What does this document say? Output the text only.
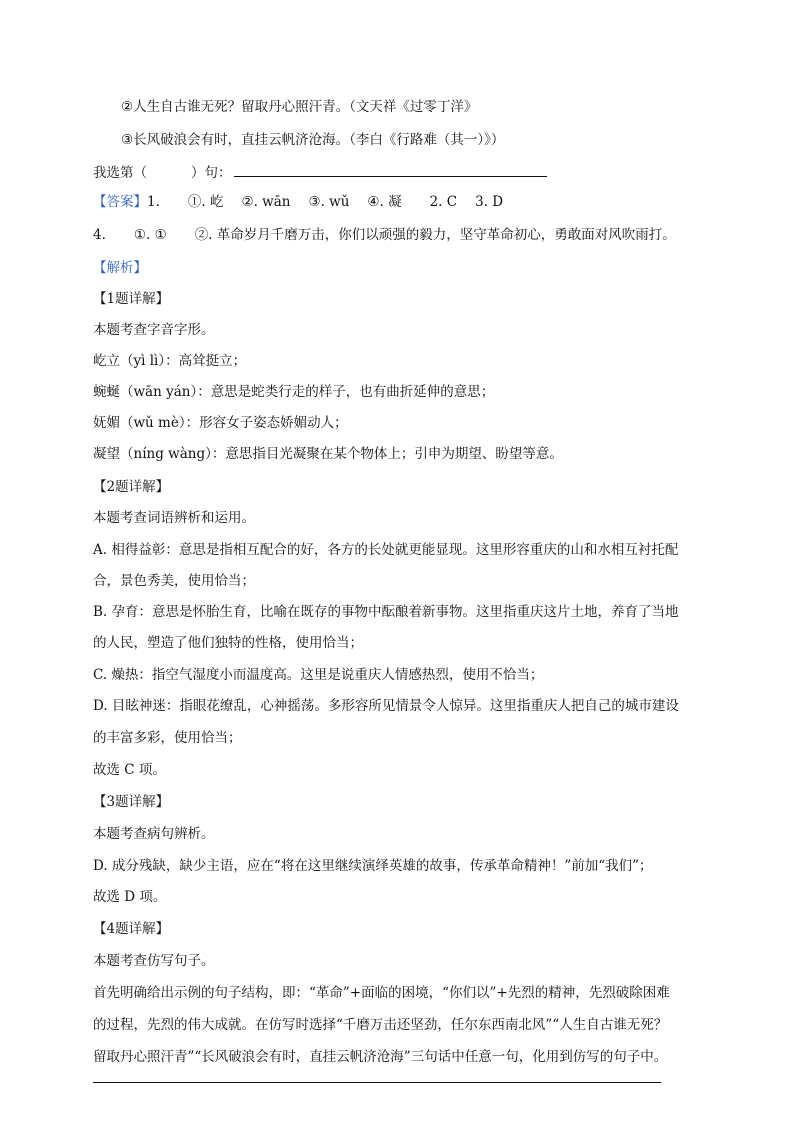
②人生自古谁无死？留取丹心照汗青。（文天祥《过零丁洋》
③长风破浪会有时，直挂云帆济沧海。（李白《行路难（其一）》）
我选第（	）句：
【答案】1. ①. 屹 ②. wān ③. wǔ ④. 凝 2. C 3. D
4. ①. ① ②. 革命岁月千磨万击，你们以顽强的毅力，坚守革命初心，勇敢面对风吹雨打。
【解析】
【1题详解】
本题考查字音字形。
屹立（yì lì）：高耸挺立；
蜿蜒（wān yán）：意思是蛇类行走的样子，也有曲折延伸的意思；
妩媚（wǔ mè）：形容女子姿态娇媚动人；
凝望（níng wàng）：意思指目光凝聚在某个物体上；引申为期望、盼望等意。
【2题详解】
本题考查词语辨析和运用。
A. 相得益彰：意思是指相互配合的好，各方的长处就更能显现。这里形容重庆的山和水相互衬托配
合，景色秀美，使用恰当；
B. 孕育：意思是怀胎生育，比喻在既存的事物中酝酿着新事物。这里指重庆这片土地，养育了当地
的人民，塑造了他们独特的性格，使用恰当；
C. 燥热：指空气湿度小而温度高。这里是说重庆人情感热烈，使用不恰当；
D. 目眩神迷：指眼花缭乱，心神摇荡。多形容所见情景令人惊异。这里指重庆人把自己的城市建设
的丰富多彩，使用恰当；
故选 C 项。
【3题详解】
本题考查病句辨析。
D. 成分残缺，缺少主语，应在“将在这里继续演绎英雄的故事，传承革命精神！”前加“我们”；
故选 D 项。
【4题详解】
本题考查仿写句子。
首先明确给出示例的句子结构，即：“革命”+面临的困境，“你们以”+先烈的精神，先烈破除困难
的过程，先烈的伟大成就。在仿写时选择“千磨万击还坚劲，任尔东西南北风”“人生自古谁无死？
留取丹心照汗青”“长风破浪会有时，直挂云帆济沧海”三句话中任意一句，化用到仿写的句子中。
